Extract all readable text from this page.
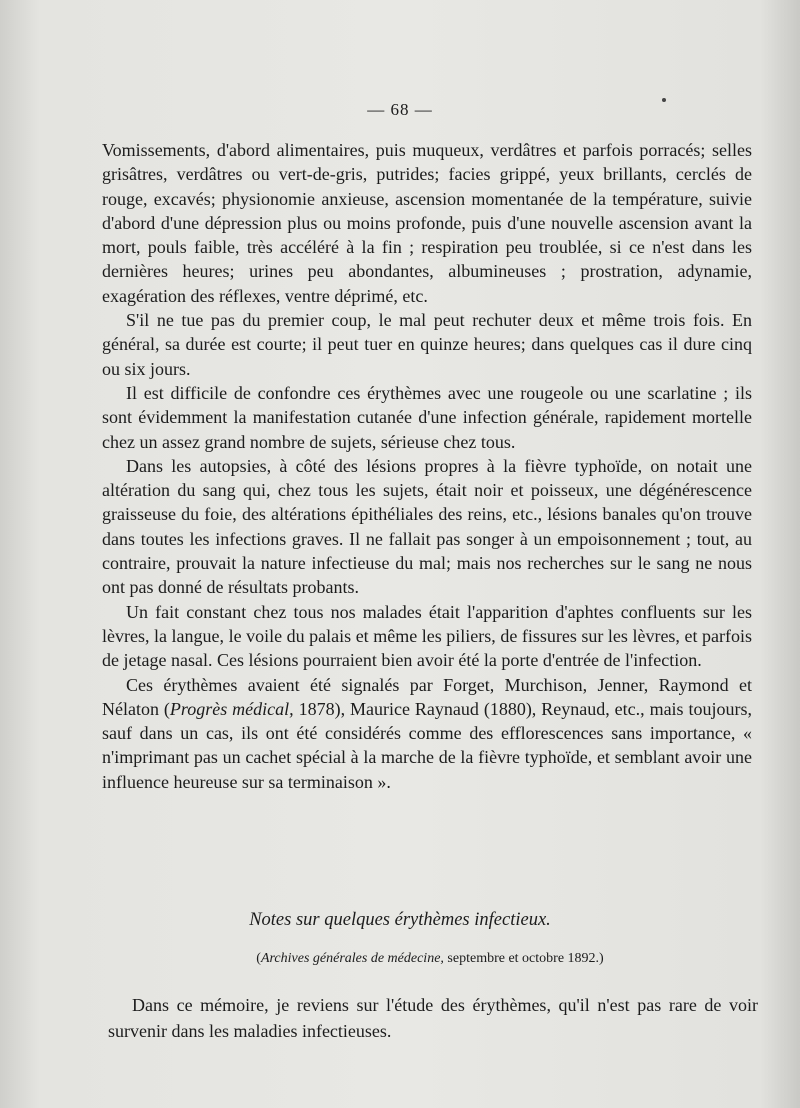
— 68 —

Vomissements, d'abord alimentaires, puis muqueux, verdâtres et parfois porracés; selles grisâtres, verdâtres ou vert-de-gris, putrides; facies grippé, yeux brillants, cerclés de rouge, excavés; physionomie anxieuse, ascension momentanée de la température, suivie d'abord d'une dépression plus ou moins profonde, puis d'une nouvelle ascension avant la mort, pouls faible, très accéléré à la fin ; respiration peu troublée, si ce n'est dans les dernières heures; urines peu abondantes, albumineuses ; prostration, adynamie, exagération des réflexes, ventre déprimé, etc.

S'il ne tue pas du premier coup, le mal peut rechuter deux et même trois fois. En général, sa durée est courte; il peut tuer en quinze heures; dans quelques cas il dure cinq ou six jours.

Il est difficile de confondre ces érythèmes avec une rougeole ou une scarlatine ; ils sont évidemment la manifestation cutanée d'une infection générale, rapidement mortelle chez un assez grand nombre de sujets, sérieuse chez tous.

Dans les autopsies, à côté des lésions propres à la fièvre typhoïde, on notait une altération du sang qui, chez tous les sujets, était noir et poisseux, une dégénérescence graisseuse du foie, des altérations épithéliales des reins, etc., lésions banales qu'on trouve dans toutes les infections graves. Il ne fallait pas songer à un empoisonnement ; tout, au contraire, prouvait la nature infectieuse du mal; mais nos recherches sur le sang ne nous ont pas donné de résultats probants.

Un fait constant chez tous nos malades était l'apparition d'aphtes confluents sur les lèvres, la langue, le voile du palais et même les piliers, de fissures sur les lèvres, et parfois de jetage nasal. Ces lésions pourraient bien avoir été la porte d'entrée de l'infection.

Ces érythèmes avaient été signalés par Forget, Murchison, Jenner, Raymond et Nélaton (Progrès médical, 1878), Maurice Raynaud (1880), Reynaud, etc., mais toujours, sauf dans un cas, ils ont été considérés comme des efflorescences sans importance, « n'imprimant pas un cachet spécial à la marche de la fièvre typhoïde, et semblant avoir une influence heureuse sur sa terminaison ».

Notes sur quelques érythèmes infectieux.
(Archives générales de médecine, septembre et octobre 1892.)

Dans ce mémoire, je reviens sur l'étude des érythèmes, qu'il n'est pas rare de voir survenir dans les maladies infectieuses.
